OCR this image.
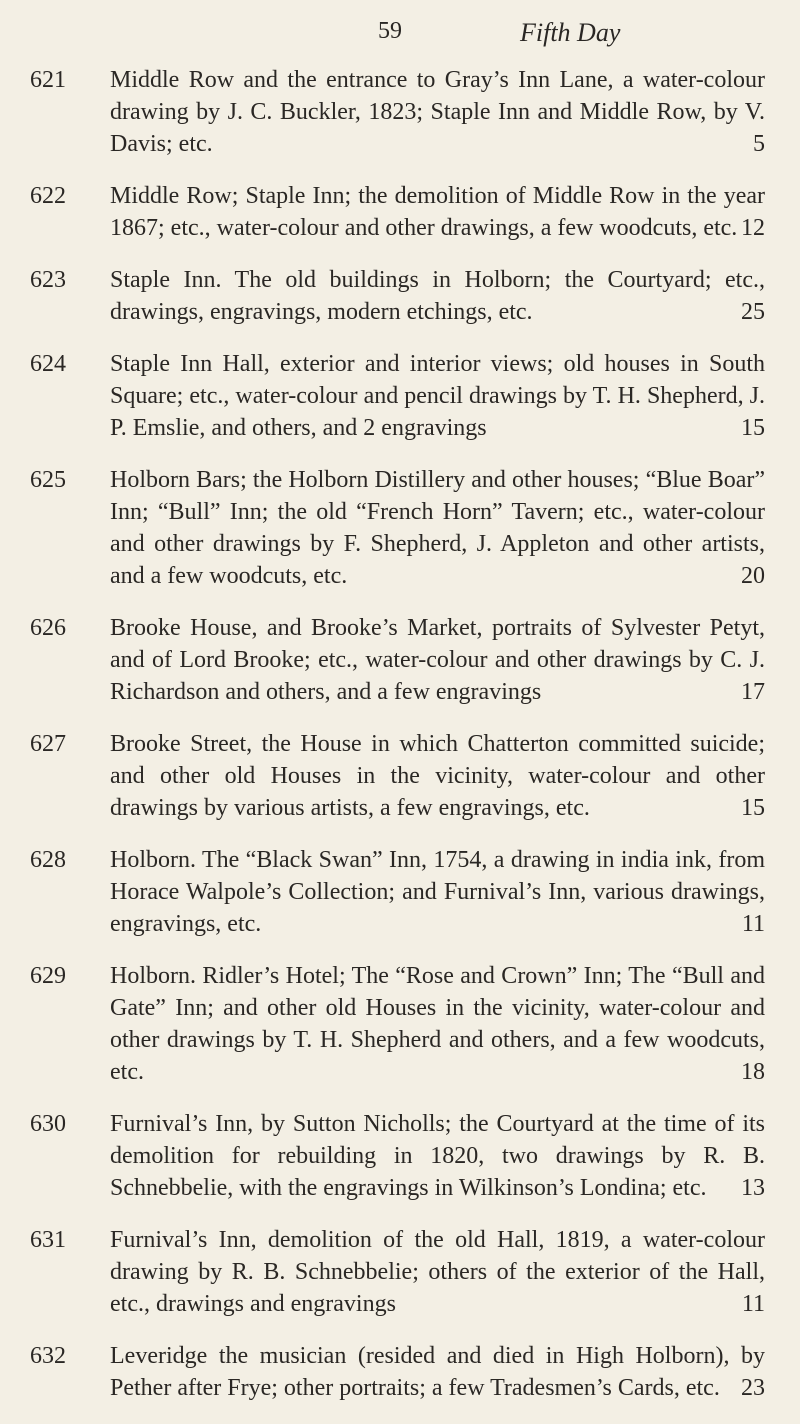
59	Fifth Day
621 Middle Row and the entrance to Gray’s Inn Lane, a water-colour drawing by J. C. Buckler, 1823; Staple Inn and Middle Row, by V. Davis; etc.	5
622 Middle Row; Staple Inn; the demolition of Middle Row in the year 1867; etc., water-colour and other drawings, a few woodcuts, etc. 12
623 Staple Inn. The old buildings in Holborn; the Courtyard; etc., drawings, engravings, modern etchings, etc.	25
624 Staple Inn Hall, exterior and interior views; old houses in South Square; etc., water-colour and pencil drawings by T. H. Shepherd, J. P. Emslie, and others, and 2 engravings	15
625 Holborn Bars; the Holborn Distillery and other houses; “Blue Boar” Inn; “Bull” Inn; the old “French Horn” Tavern; etc., water-colour and other drawings by F. Shepherd, J. Appleton and other artists, and a few woodcuts, etc.	20
626 Brooke House, and Brooke’s Market, portraits of Sylvester Petyt, and of Lord Brooke; etc., water-colour and other drawings by C. J. Richardson and others, and a few engravings	17
627 Brooke Street, the House in which Chatterton committed suicide; and other old Houses in the vicinity, water-colour and other drawings by various artists, a few engravings, etc.	15
628 Holborn. The “Black Swan” Inn, 1754, a drawing in india ink, from Horace Walpole’s Collection; and Furnival’s Inn, various drawings, engravings, etc.	11
629 Holborn. Ridler’s Hotel; The “Rose and Crown” Inn; The “Bull and Gate” Inn; and other old Houses in the vicinity, water-colour and other drawings by T. H. Shepherd and others, and a few woodcuts, etc.	18
630 Furnival’s Inn, by Sutton Nicholls; the Courtyard at the time of its demolition for rebuilding in 1820, two drawings by R. B. Schnebbelie, with the engravings in Wilkinson’s Londina; etc. 13
631 Furnival’s Inn, demolition of the old Hall, 1819, a water-colour drawing by R. B. Schnebbelie; others of the exterior of the Hall, etc., drawings and engravings	11
632 Leveridge the musician (resided and died in High Holborn), by Pether after Frye; other portraits; a few Tradesmen’s Cards, etc. 23
